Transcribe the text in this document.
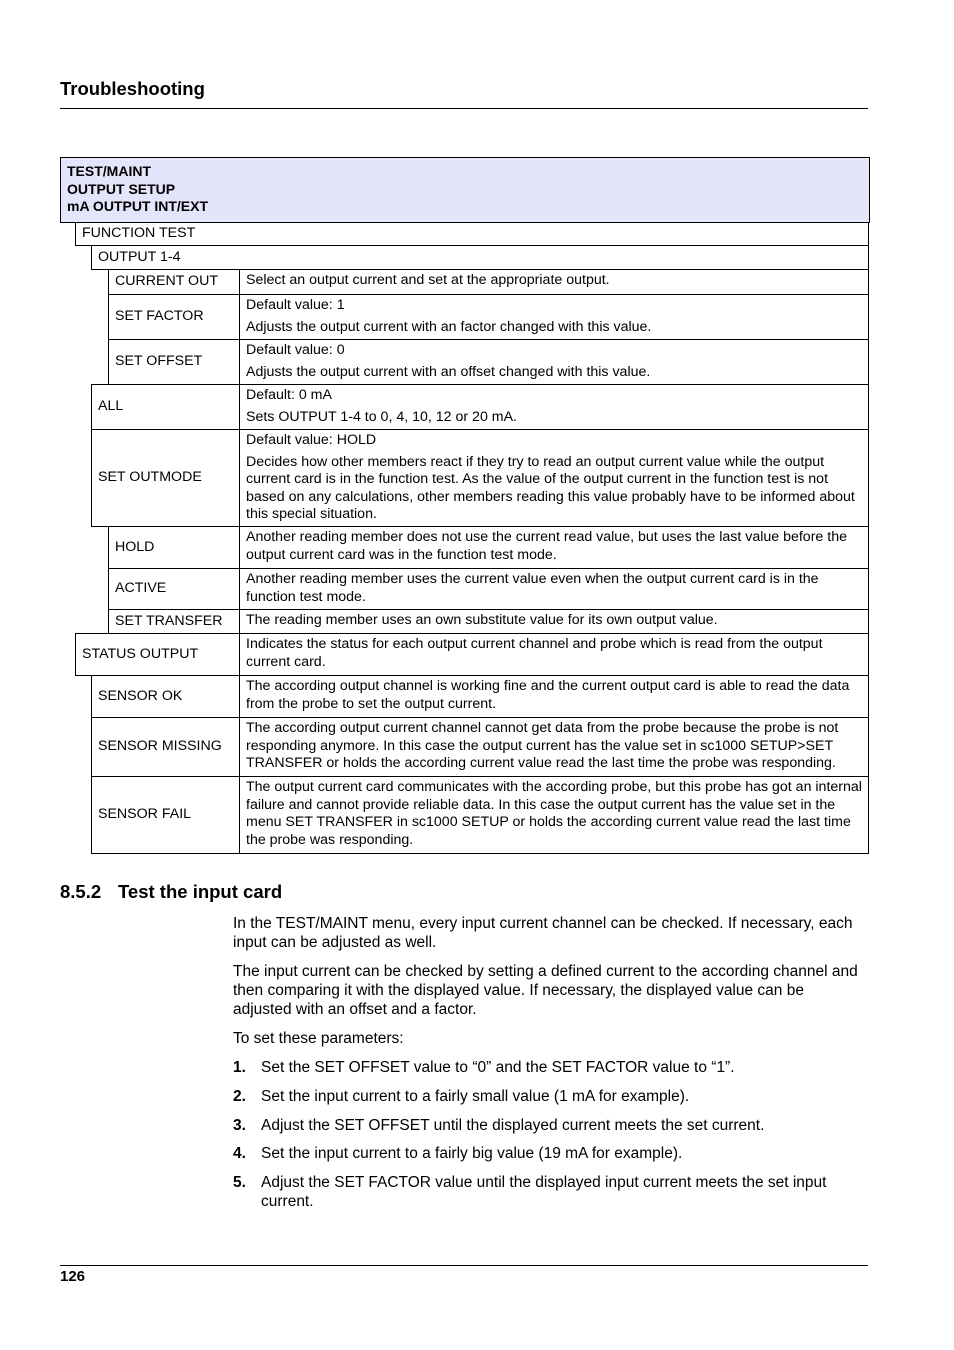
Troubleshooting
TEST/MAINT
OUTPUT SETUP
mA OUTPUT INT/EXT
FUNCTION TEST
OUTPUT 1-4
CURRENT OUT Select an output current and set at the appropriate output.
SET FACTOR
Default value: 1
Adjusts the output current with an factor changed with this value.
SET OFFSET
Default value: 0
Adjusts the output current with an offset changed with this value.
ALL
Default: 0 mA
Sets OUTPUT 1-4 to 0, 4, 10, 12 or 20 mA.
SET OUTMODE
Default value: HOLD
Decides how other members react if they try to read an output current value while the output current card is in the function test. As the value of the output current in the function test is not based on any calculations, other members reading this value probably have to be informed about this special situation.
HOLD
Another reading member does not use the current read value, but uses the last value before the output current card was in the function test mode.
ACTIVE
Another reading member uses the current value even when the output current card is in the function test mode.
SET TRANSFER The reading member uses an own substitute value for its own output value.
STATUS OUTPUT
Indicates the status for each output current channel and probe which is read from the output current card.
SENSOR OK
The according output channel is working fine and the current output card is able to read the data from the probe to set the output current.
SENSOR MISSING
The according output current channel cannot get data from the probe because the probe is not responding anymore. In this case the output current has the value set in sc1000 SETUP>SET TRANSFER or holds the according current value read the last time the probe was responding.
SENSOR FAIL
The output current card communicates with the according probe, but this probe has got an internal failure and cannot provide reliable data. In this case the output current has the value set in the menu SET TRANSFER in sc1000 SETUP or holds the according current value read the last time the probe was responding.
8.5.2 Test the input card
In the TEST/MAINT menu, every input current channel can be checked. If necessary, each input can be adjusted as well.
The input current can be checked by setting a defined current to the according channel and then comparing it with the displayed value. If necessary, the displayed value can be adjusted with an offset and a factor.
To set these parameters:
1. Set the SET OFFSET value to “0” and the SET FACTOR value to “1”.
2. Set the input current to a fairly small value (1 mA for example).
3. Adjust the SET OFFSET until the displayed current meets the set current.
4. Set the input current to a fairly big value (19 mA for example).
5. Adjust the SET FACTOR value until the displayed input current meets the set input current.
126
